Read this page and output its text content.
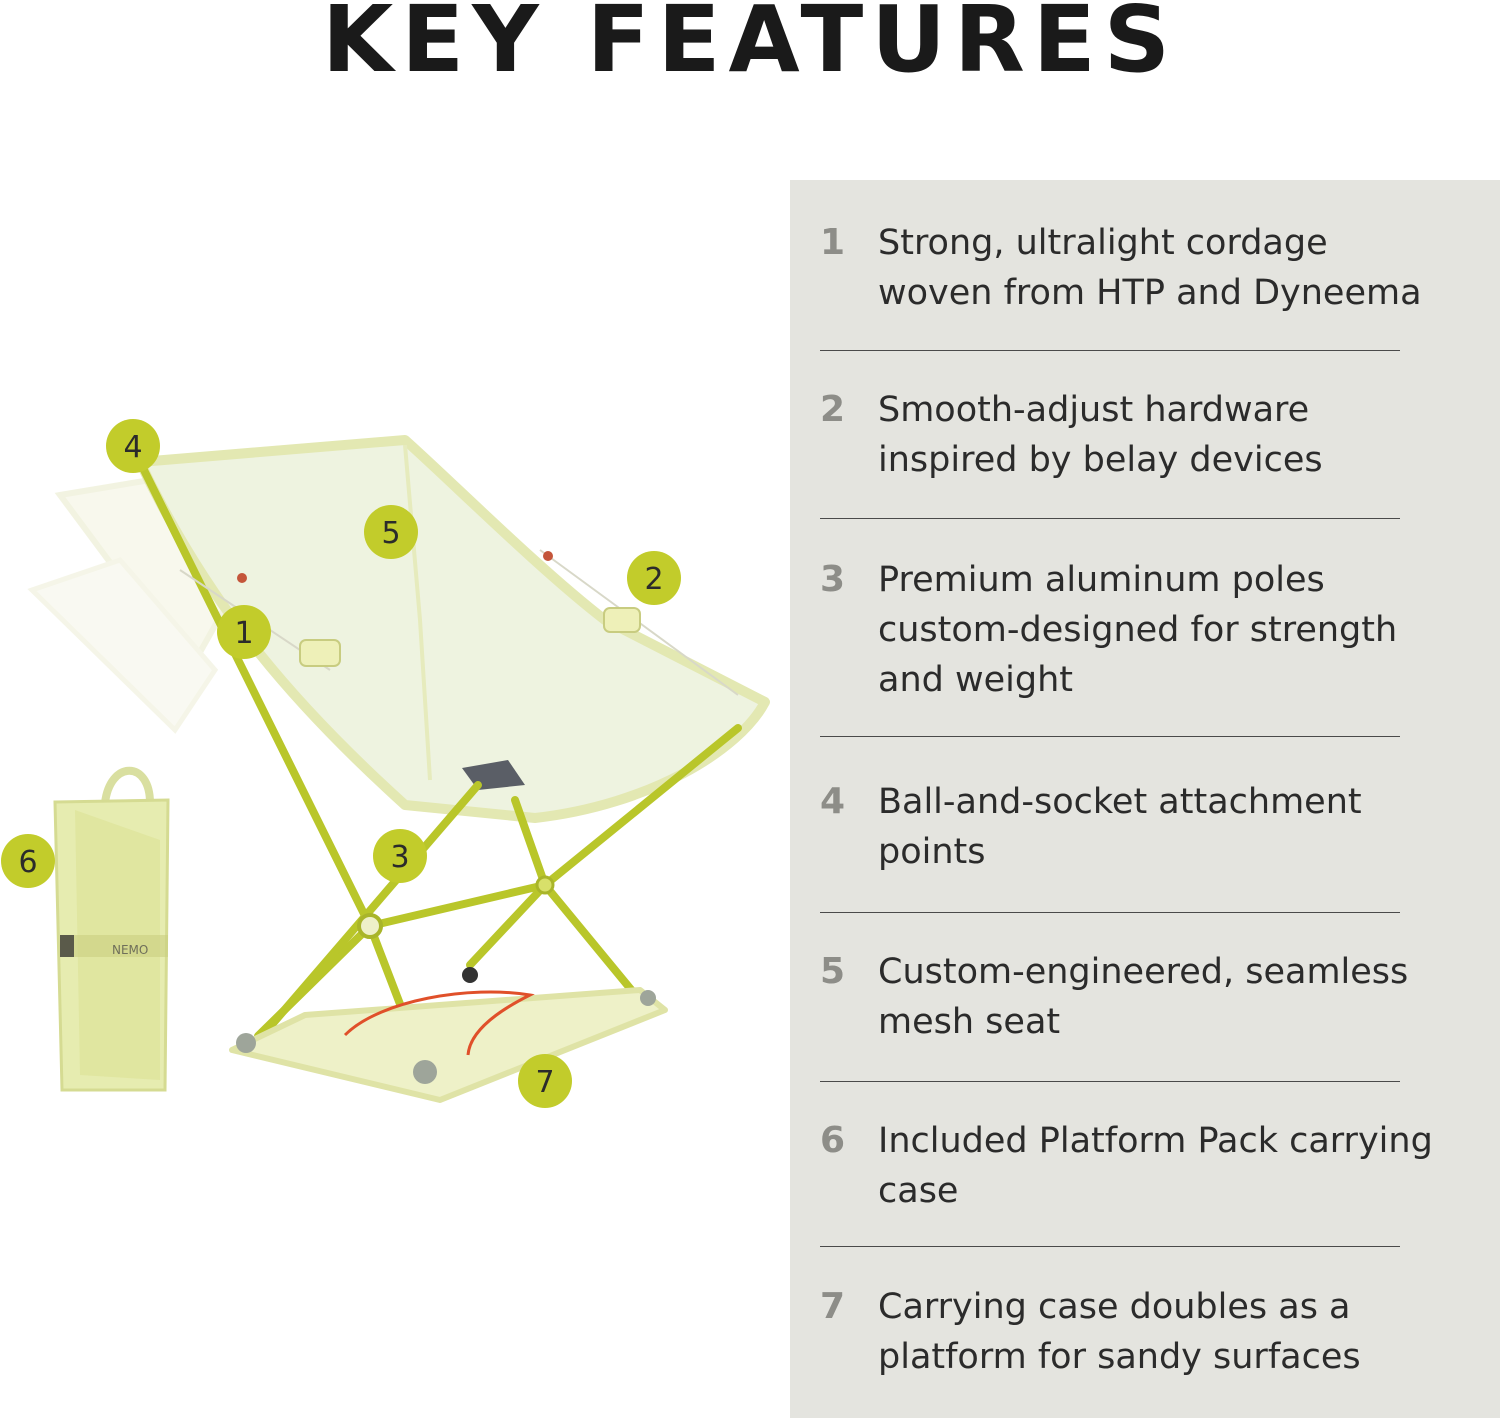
KEY FEATURES
NEMO
4
5
2
1
3
6
7
1 Strong, ultralight cordage
woven from HTP and Dyneema
2 Smooth-adjust hardware
inspired by belay devices
3 Premium aluminum poles
custom-designed for strength
and weight
4 Ball-and-socket attachment
points
5 Custom-engineered, seamless
mesh seat
6 Included Platform Pack carrying
case
7 Carrying case doubles as a
platform for sandy surfaces
